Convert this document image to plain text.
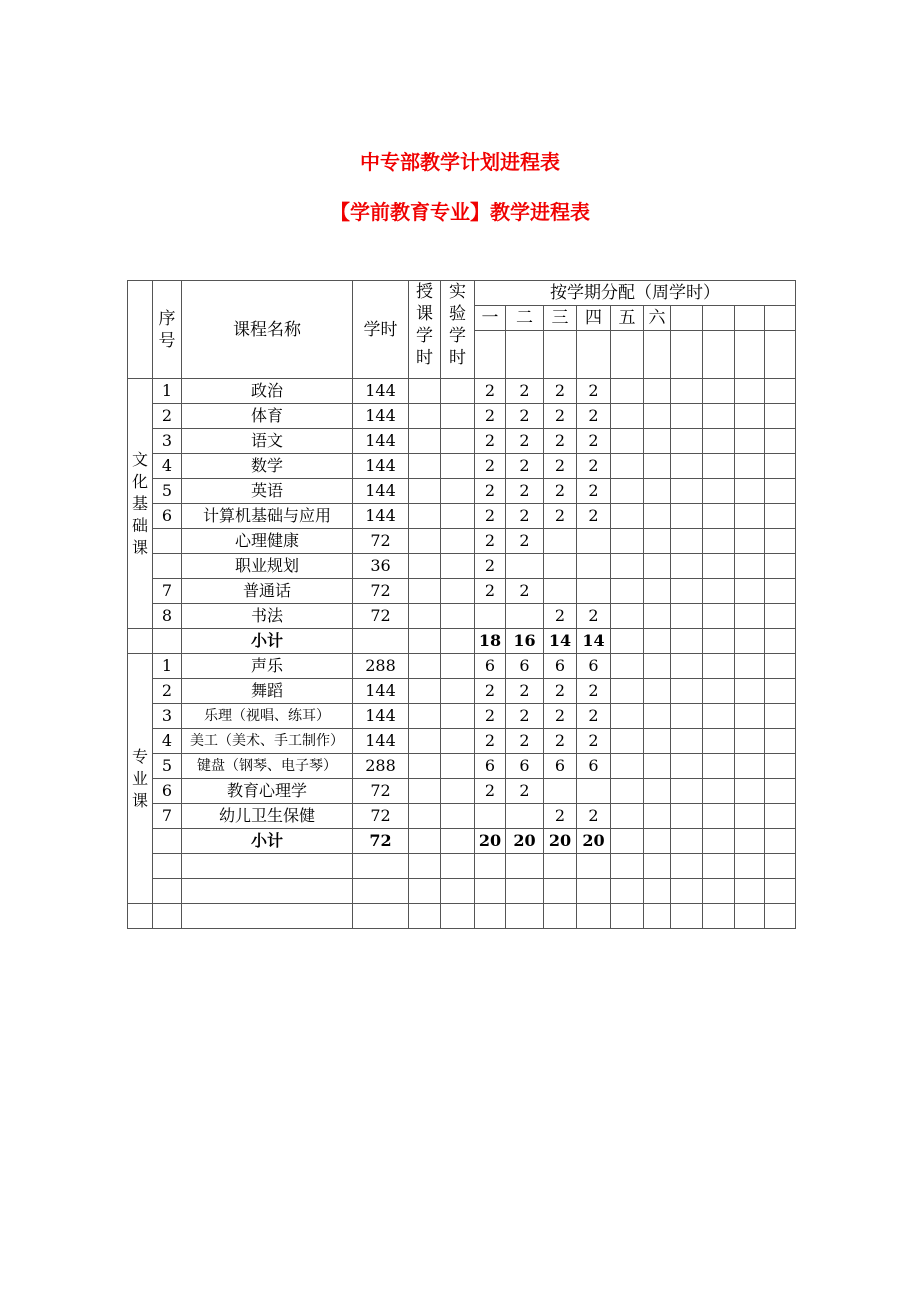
中专部教学计划进程表
【学前教育专业】教学进程表
	序号	课程名称	学时	授课学时	实验学时	按学期分配（周学时）									
						一	二	三	四	五	六				

文化基础课	1	政治	144			2	2	2	2						
	2	体育	144			2	2	2	2						
	3	语文	144			2	2	2	2						
	4	数学	144			2	2	2	2						
	5	英语	144			2	2	2	2						
	6	计算机基础与应用	144			2	2	2	2						
		心理健康	72			2	2								
		职业规划	36			2									
	7	普通话	72			2	2								
	8	书法	72					2	2						
		小计				18	16	14	14						
专业课	1	声乐	288			6	6	6	6						
	2	舞蹈	144			2	2	2	2						
	3	乐理（视唱、练耳）	144			2	2	2	2						
	4	美工（美术、手工制作）	144			2	2	2	2						
	5	键盘（钢琴、电子琴）	288			6	6	6	6						
	6	教育心理学	72			2	2								
	7	幼儿卫生保健	72					2	2						
		小计	72			20	20	20	20						
